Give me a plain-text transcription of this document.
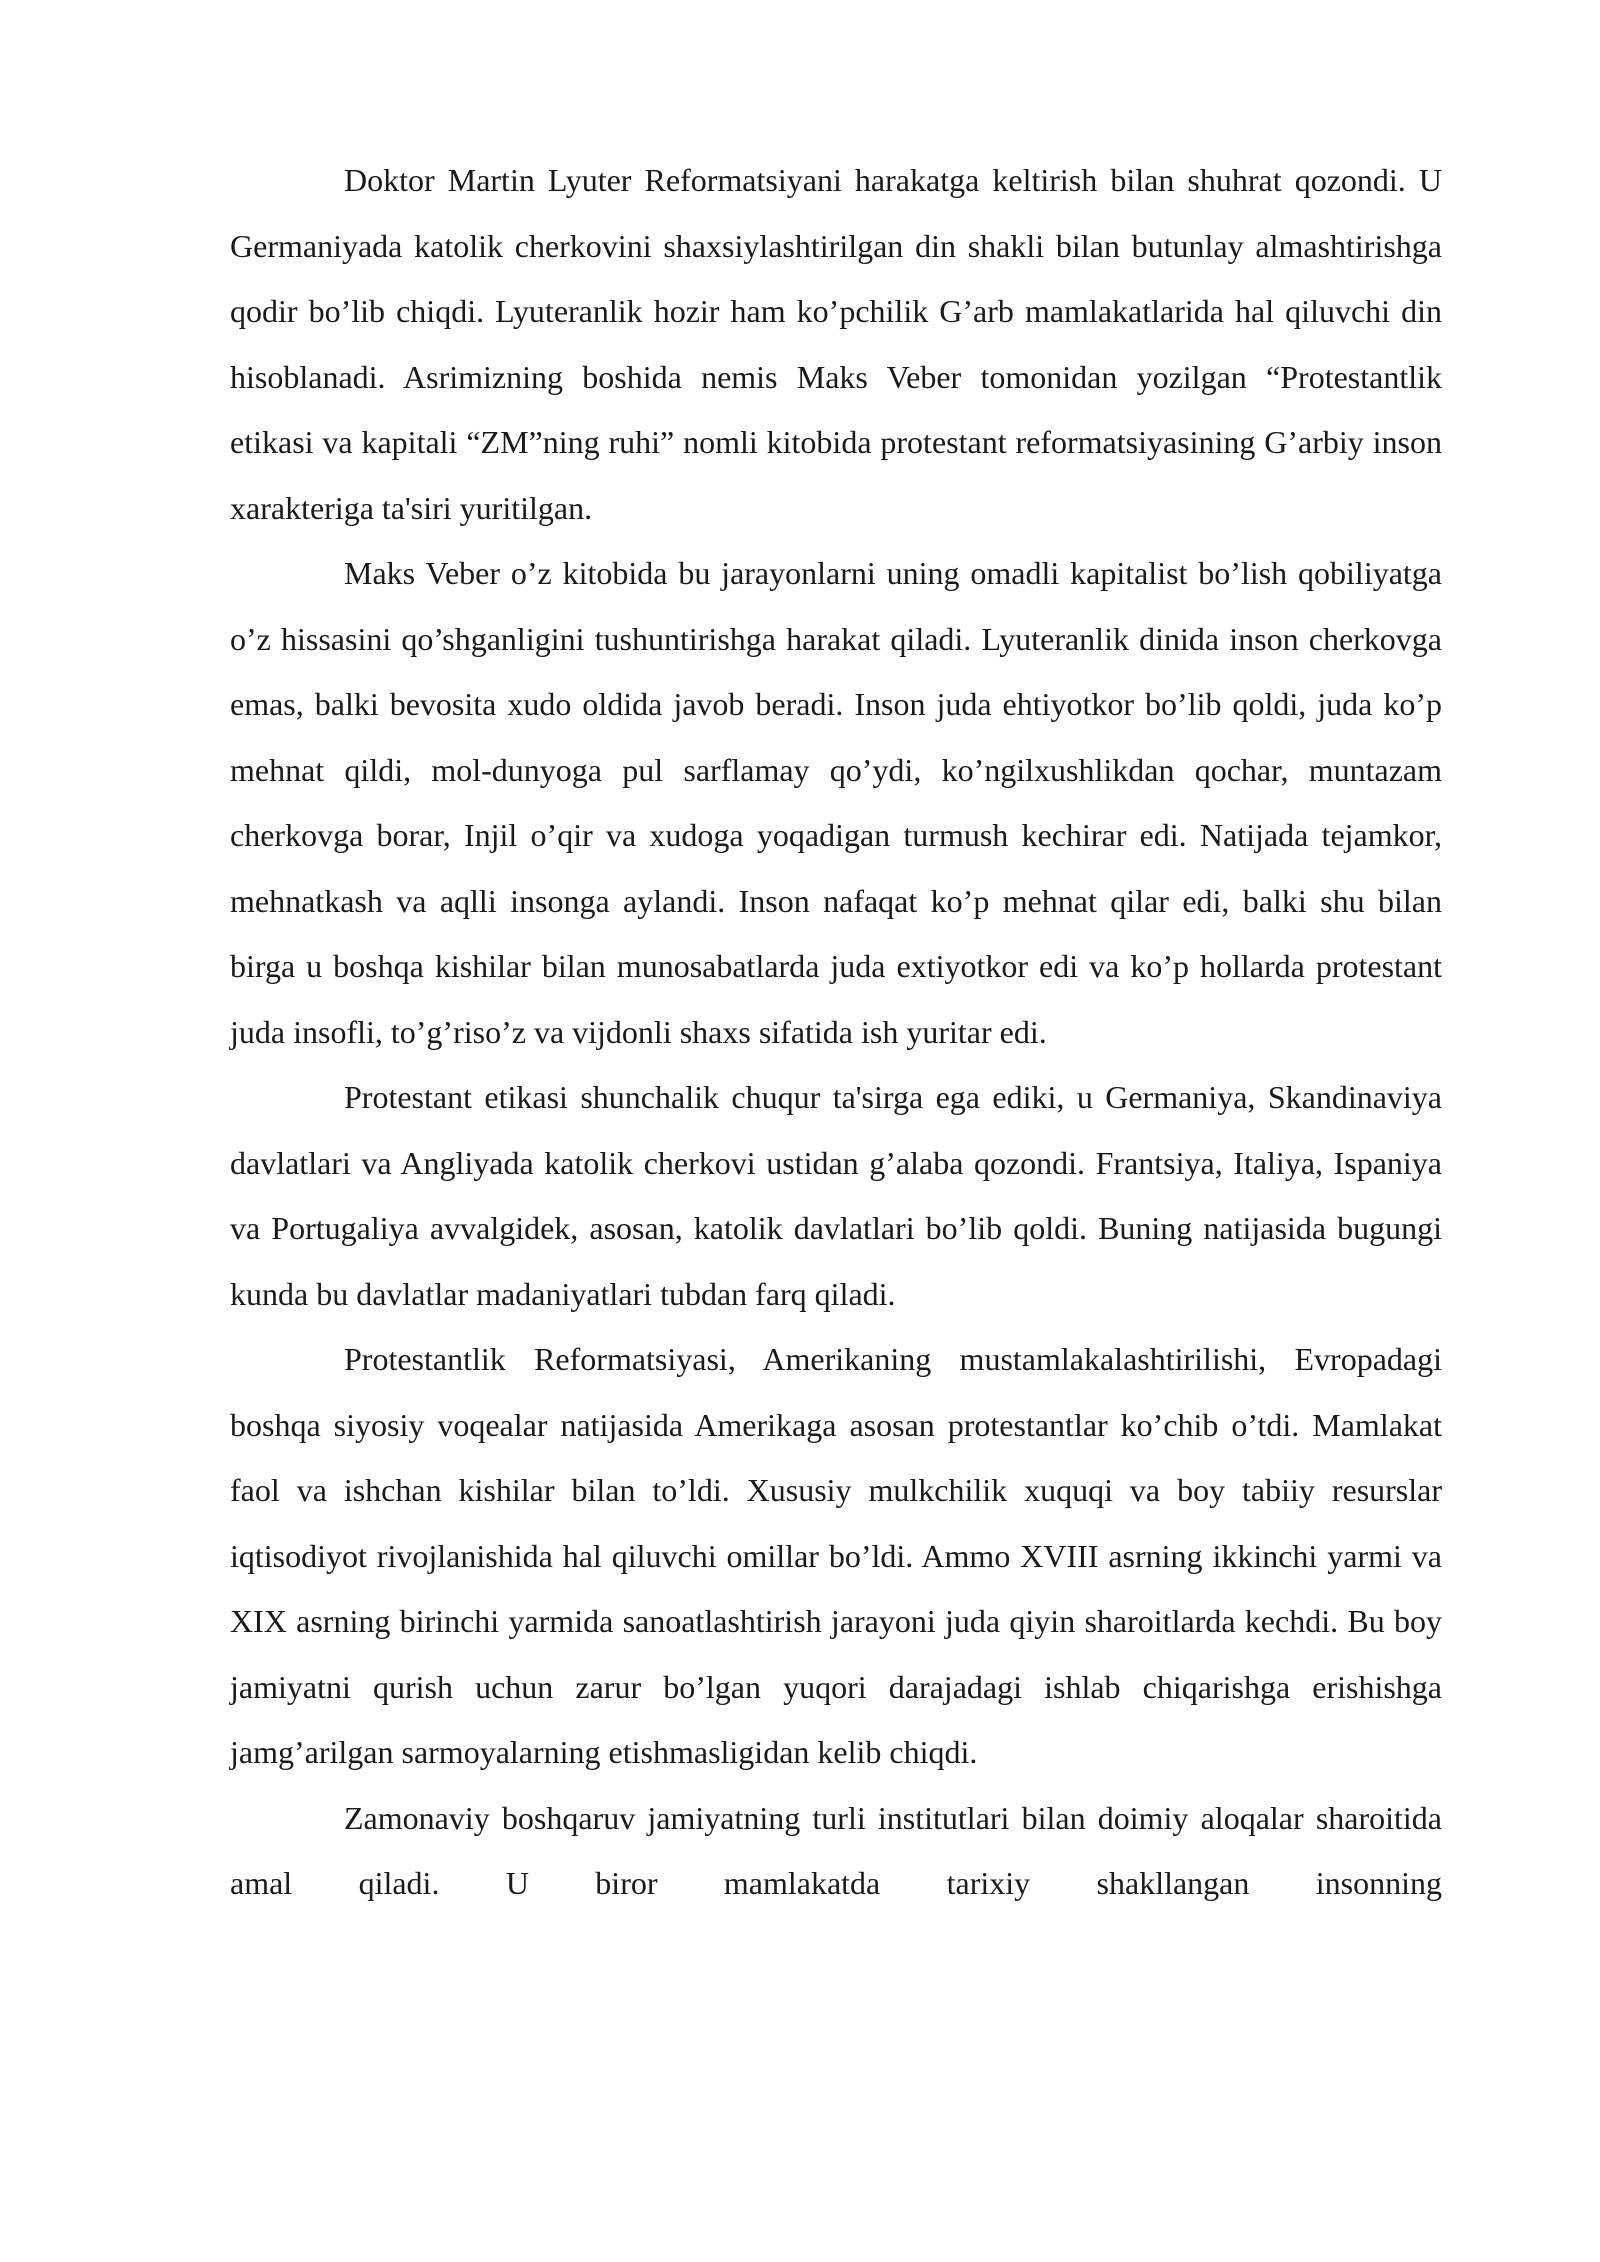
Doktor Martin Lyuter Reformatsiyani harakatga keltirish bilan shuhrat qozondi. U Germaniyada katolik cherkovini shaxsiylashtirilgan din shakli bilan butunlay almashtirishga qodir bo’lib chiqdi. Lyuteranlik hozir ham ko’pchilik G’arb mamlakatlarida hal qiluvchi din hisoblanadi. Asrimizning boshida nemis Maks Veber tomonidan yozilgan “Protestantlik etikasi va kapitali “ZM”ning ruhi” nomli kitobida protestant reformatsiyasining G’arbiy inson xarakteriga ta'siri yuritilgan.

Maks Veber o’z kitobida bu jarayonlarni uning omadli kapitalist bo’lish qobiliyatga o’z hissasini qo’shganligini tushuntirishga harakat qiladi. Lyuteranlik dinida inson cherkovga emas, balki bevosita xudo oldida javob beradi. Inson juda ehtiyotkor bo’lib qoldi, juda ko’p mehnat qildi, mol-dunyoga pul sarflamay qo’ydi, ko’ngilxushlikdan qochar, muntazam cherkovga borar, Injil o’qir va xudoga yoqadigan turmush kechirar edi. Natijada tejamkor, mehnatkash va aqlli insonga aylandi. Inson nafaqat ko’p mehnat qilar edi, balki shu bilan birga u boshqa kishilar bilan munosabatlarda juda extiyotkor edi va ko’p hollarda protestant juda insofli, to’g’riso’z va vijdonli shaxs sifatida ish yuritar edi.

Protestant etikasi shunchalik chuqur ta'sirga ega ediki, u Germaniya, Skandinaviya davlatlari va Angliyada katolik cherkovi ustidan g’alaba qozondi. Frantsiya, Italiya, Ispaniya va Portugaliya avvalgidek, asosan, katolik davlatlari bo’lib qoldi. Buning natijasida bugungi kunda bu davlatlar madaniyatlari tubdan farq qiladi.

Protestantlik Reformatsiyasi, Amerikaning mustamlakalashtirilishi, Evropadagi boshqa siyosiy voqealar natijasida Amerikaga asosan protestantlar ko’chib o’tdi. Mamlakat faol va ishchan kishilar bilan to’ldi. Xususiy mulkchilik xuquqi va boy tabiiy resurslar iqtisodiyot rivojlanishida hal qiluvchi omillar bo’ldi. Ammo XVIII asrning ikkinchi yarmi va XIX asrning birinchi yarmida sanoatlashtirish jarayoni juda qiyin sharoitlarda kechdi. Bu boy jamiyatni qurish uchun zarur bo’lgan yuqori darajadagi ishlab chiqarishga erishishga jamg’arilgan sarmoyalarning etishmasligidan kelib chiqdi.

Zamonaviy boshqaruv jamiyatning turli institutlari bilan doimiy aloqalar sharoitida amal qiladi. U biror mamlakatda tarixiy shakllangan insonning
